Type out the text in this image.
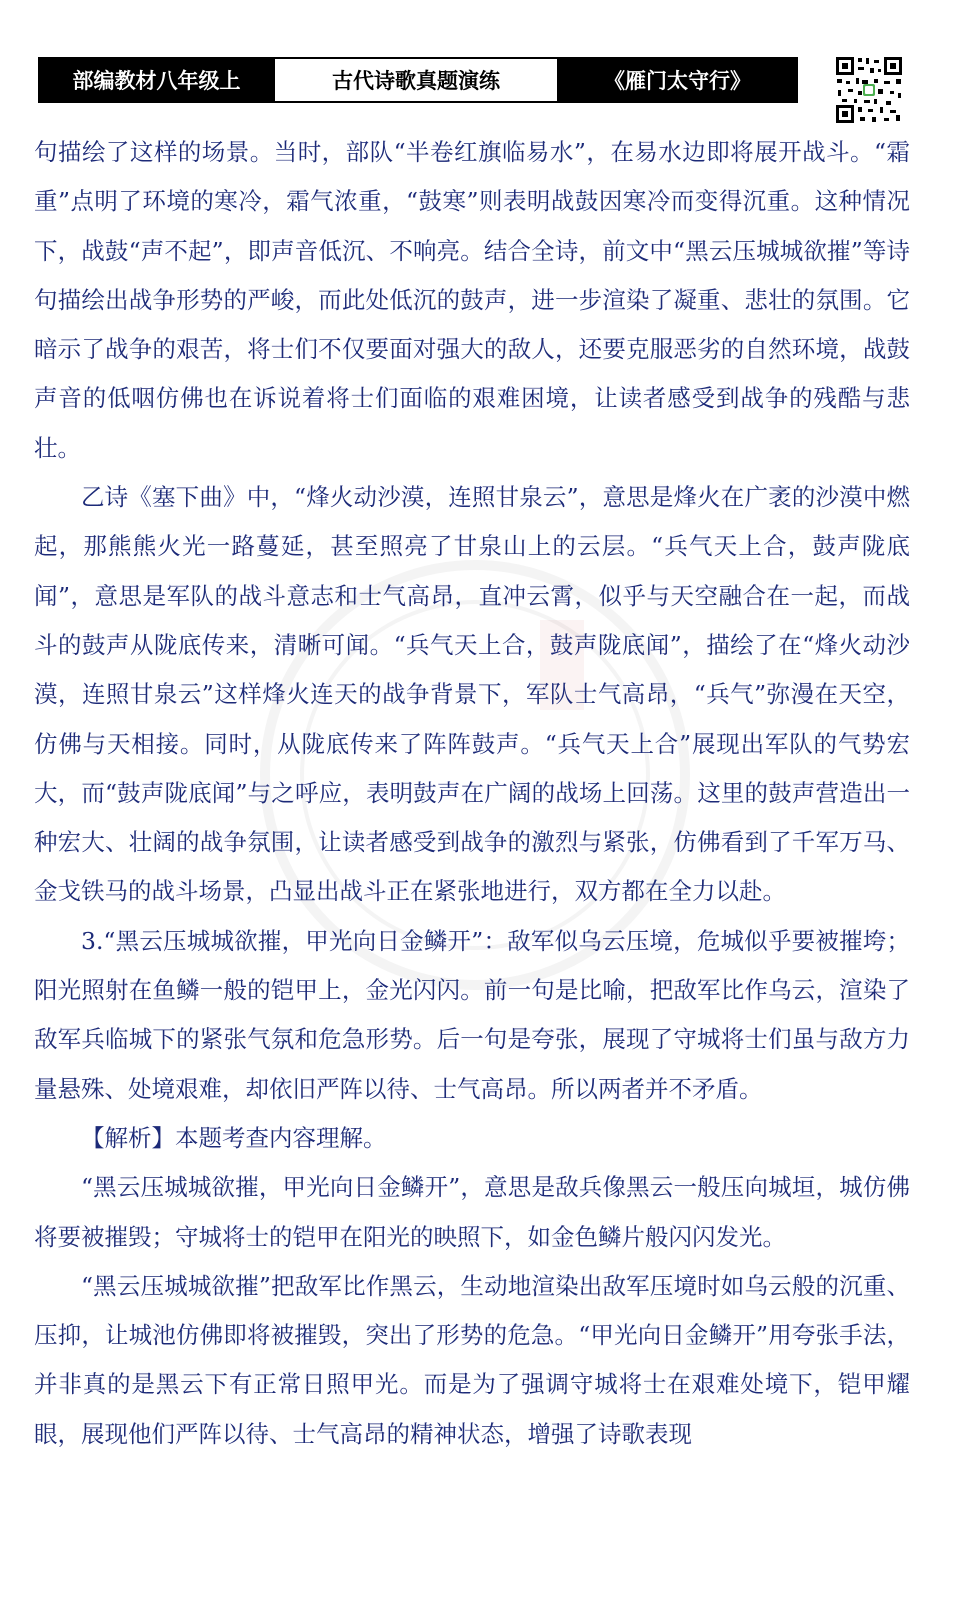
部编教材八年级上	古代诗歌真题演练	《雁门太守行》

句描绘了这样的场景。当时，部队“半卷红旗临易水”，在易水边即将展开战斗。“霜重”点明了环境的寒冷，霜气浓重，“鼓寒”则表明战鼓因寒冷而变得沉重。这种情况下，战鼓“声不起”，即声音低沉、不响亮。结合全诗，前文中“黑云压城城欲摧”等诗句描绘出战争形势的严峻，而此处低沉的鼓声，进一步渲染了凝重、悲壮的氛围。它暗示了战争的艰苦，将士们不仅要面对强大的敌人，还要克服恶劣的自然环境，战鼓声音的低咽仿佛也在诉说着将士们面临的艰难困境，让读者感受到战争的残酷与悲壮。

乙诗《塞下曲》中，“烽火动沙漠，连照甘泉云”，意思是烽火在广袤的沙漠中燃起，那熊熊火光一路蔓延，甚至照亮了甘泉山上的云层。“兵气天上合，鼓声陇底闻”，意思是军队的战斗意志和士气高昂，直冲云霄，似乎与天空融合在一起，而战斗的鼓声从陇底传来，清晰可闻。“兵气天上合，鼓声陇底闻”，描绘了在“烽火动沙漠，连照甘泉云”这样烽火连天的战争背景下，军队士气高昂，“兵气”弥漫在天空，仿佛与天相接。同时，从陇底传来了阵阵鼓声。“兵气天上合”展现出军队的气势宏大，而“鼓声陇底闻”与之呼应，表明鼓声在广阔的战场上回荡。这里的鼓声营造出一种宏大、壮阔的战争氛围，让读者感受到战争的激烈与紧张，仿佛看到了千军万马、金戈铁马的战斗场景，凸显出战斗正在紧张地进行，双方都在全力以赴。

3.“黑云压城城欲摧，甲光向日金鳞开”：敌军似乌云压境，危城似乎要被摧垮；阳光照射在鱼鳞一般的铠甲上，金光闪闪。前一句是比喻，把敌军比作乌云，渲染了敌军兵临城下的紧张气氛和危急形势。后一句是夸张，展现了守城将士们虽与敌方力量悬殊、处境艰难，却依旧严阵以待、士气高昂。所以两者并不矛盾。

【解析】本题考查内容理解。

“黑云压城城欲摧，甲光向日金鳞开”，意思是敌兵像黑云一般压向城垣，城仿佛将要被摧毁；守城将士的铠甲在阳光的映照下，如金色鳞片般闪闪发光。

“黑云压城城欲摧”把敌军比作黑云，生动地渲染出敌军压境时如乌云般的沉重、压抑，让城池仿佛即将被摧毁，突出了形势的危急。“甲光向日金鳞开”用夸张手法，并非真的是黑云下有正常日照甲光。而是为了强调守城将士在艰难处境下，铠甲耀眼，展现他们严阵以待、士气高昂的精神状态，增强了诗歌表现
